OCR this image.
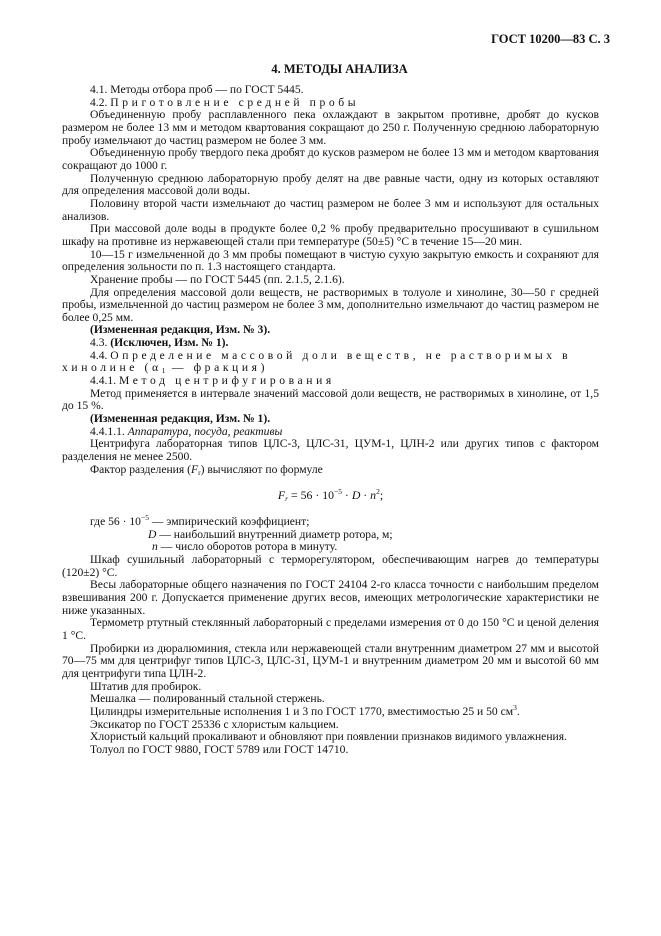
ГОСТ 10200—83 С. 3
4. МЕТОДЫ АНАЛИЗА

4.1. Методы отбора проб — по ГОСТ 5445.

4.2. Приготовление средней пробы

Объединенную пробу расплавленного пека охлаждают в закрытом противне, дробят до кусков размером не более 13 мм и методом квартования сокращают до 250 г. Полученную среднюю лабораторную пробу измельчают до частиц размером не более 3 мм.

Объединенную пробу твердого пека дробят до кусков размером не более 13 мм и методом квартования сокращают до 1000 г.

Полученную среднюю лабораторную пробу делят на две равные части, одну из которых оставляют для определения массовой доли воды.

Половину второй части измельчают до частиц размером не более 3 мм и используют для остальных анализов.

При массовой доле воды в продукте более 0,2 % пробу предварительно просушивают в сушильном шкафу на противне из нержавеющей стали при температуре (50±5) °С в течение 15—20 мин.

10—15 г измельченной до 3 мм пробы помещают в чистую сухую закрытую емкость и сохраняют для определения зольности по п. 1.3 настоящего стандарта.

Хранение пробы — по ГОСТ 5445 (пп. 2.1.5, 2.1.6).

Для определения массовой доли веществ, не растворимых в толуоле и хинолине, 30—50 г средней пробы, измельченной до частиц размером не более 3 мм, дополнительно измельчают до частиц размером не более 0,25 мм.

(Измененная редакция, Изм. № 3).

4.3. (Исключен, Изм. № 1).

4.4. Определение массовой доли веществ, не растворимых в хинолине ($\alpha_1$ — фракция)

4.4.1. Метод центрифугирования

Метод применяется в интервале значений массовой доли веществ, не растворимых в хинолине, от 1,5 до 15 %.

(Измененная редакция, Изм. № 1).

4.4.1.1. Аппаратура, посуда, реактивы

Центрифуга лабораторная типов ЦЛС-3, ЦЛС-31, ЦУМ-1, ЦЛН-2 или других типов с фактором разделения не менее 2500.

Фактор разделения $(F_r)$ вычисляют по формуле

$F_r = 56 \cdot 10^{-5} \cdot D \cdot n^2$;

где $56 \cdot 10^{-5}$ — эмпирический коэффициент;

D — наибольший внутренний диаметр ротора, м;

n — число оборотов ротора в минуту.

Шкаф сушильный лабораторный с терморегулятором, обеспечивающим нагрев до температуры (120±2) °С.

Весы лабораторные общего назначения по ГОСТ 24104 2-го класса точности с наибольшим пределом взвешивания 200 г. Допускается применение других весов, имеющих метрологические характеристики не ниже указанных.

Термометр ртутный стеклянный лабораторный с пределами измерения от 0 до 150 °С и ценой деления 1 °С.

Пробирки из дюралюминия, стекла или нержавеющей стали внутренним диаметром 27 мм и высотой 70—75 мм для центрифуг типов ЦЛС-3, ЦЛС-31, ЦУМ-1 и внутренним диаметром 20 мм и высотой 60 мм для центрифуги типа ЦЛН-2.

Штатив для пробирок.

Мешалка — полированный стальной стержень.

Цилиндры измерительные исполнения 1 и 3 по ГОСТ 1770, вместимостью 25 и 50 $см^3$.

Эксикатор по ГОСТ 25336 с хлористым кальцием.

Хлористый кальций прокаливают и обновляют при появлении признаков видимого увлажнения.

Толуол по ГОСТ 9880, ГОСТ 5789 или ГОСТ 14710.
